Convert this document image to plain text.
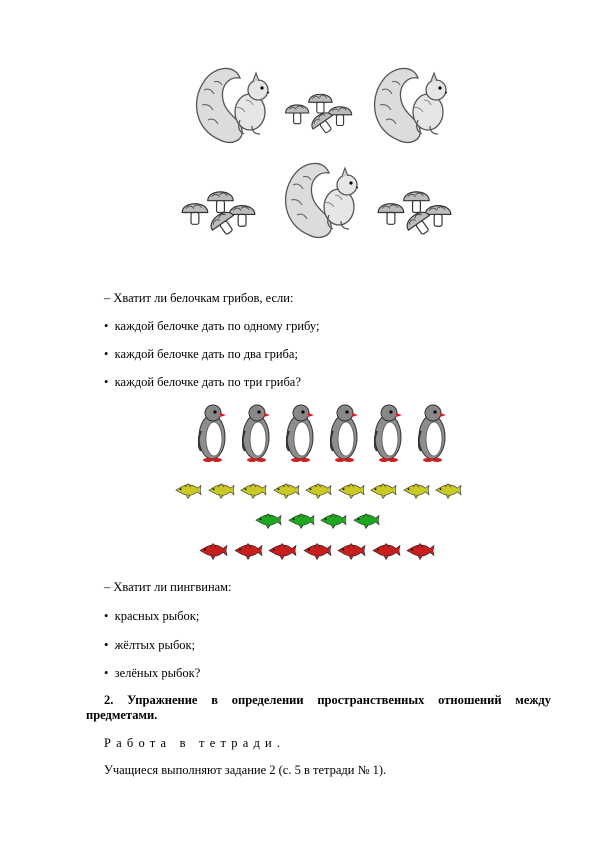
– Хватит ли белочкам грибов, если:
• каждой белочке дать по одному грибу;
• каждой белочке дать по два гриба;
• каждой белочке дать по три гриба?
– Хватит ли пингвинам:
• красных рыбок;
• жёлтых рыбок;
• зелёных рыбок?
2. Упражнение в определении пространственных отношений между предметами.
Работа в тетради.
Учащиеся выполняют задание 2 (с. 5 в тетради № 1).
